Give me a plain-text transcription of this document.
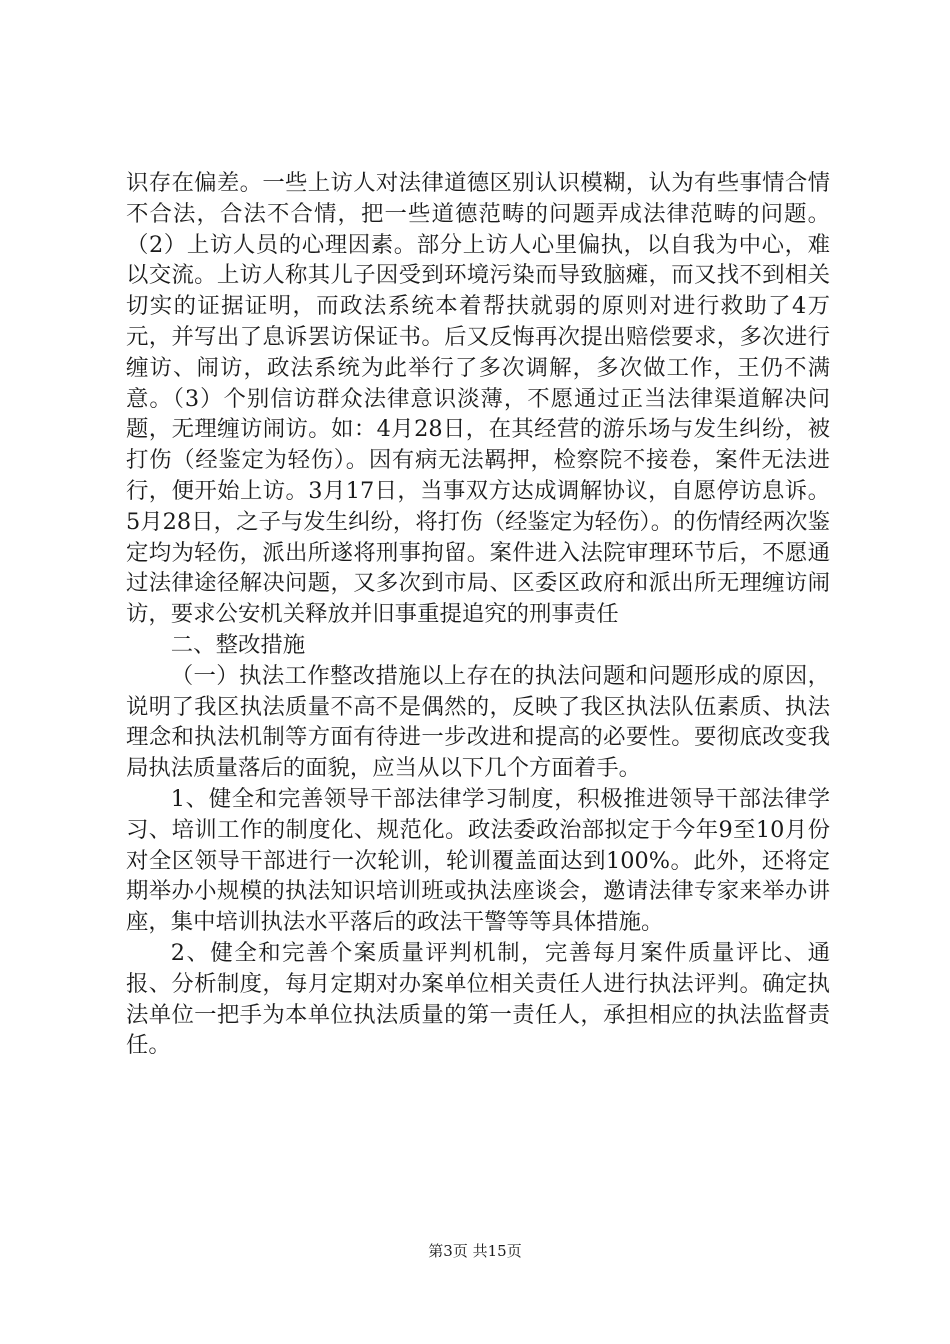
识存在偏差。一些上访人对法律道德区别认识模糊，认为有些事情合情不合法，合法不合情，把一些道德范畴的问题弄成法律范畴的问题。（2）上访人员的心理因素。部分上访人心里偏执，以自我为中心，难以交流。上访人称其儿子因受到环境污染而导致脑瘫，而又找不到相关切实的证据证明，而政法系统本着帮扶就弱的原则对进行救助了4万元，并写出了息诉罢访保证书。后又反悔再次提出赔偿要求，多次进行缠访、闹访，政法系统为此举行了多次调解，多次做工作，王仍不满意。（3）个别信访群众法律意识淡薄，不愿通过正当法律渠道解决问题，无理缠访闹访。如：4月28日，在其经营的游乐场与发生纠纷，被打伤（经鉴定为轻伤）。因有病无法羁押，检察院不接卷，案件无法进行，便开始上访。3月17日，当事双方达成调解协议，自愿停访息诉。5月28日，之子与发生纠纷，将打伤（经鉴定为轻伤）。的伤情经两次鉴定均为轻伤，派出所遂将刑事拘留。案件进入法院审理环节后，不愿通过法律途径解决问题，又多次到市局、区委区政府和派出所无理缠访闹访，要求公安机关释放并旧事重提追究的刑事责任

二、整改措施

（一）执法工作整改措施以上存在的执法问题和问题形成的原因，说明了我区执法质量不高不是偶然的，反映了我区执法队伍素质、执法理念和执法机制等方面有待进一步改进和提高的必要性。要彻底改变我局执法质量落后的面貌，应当从以下几个方面着手。

1、健全和完善领导干部法律学习制度，积极推进领导干部法律学习、培训工作的制度化、规范化。政法委政治部拟定于今年9至10月份对全区领导干部进行一次轮训，轮训覆盖面达到100%。此外，还将定期举办小规模的执法知识培训班或执法座谈会，邀请法律专家来举办讲座，集中培训执法水平落后的政法干警等等具体措施。

2、健全和完善个案质量评判机制，完善每月案件质量评比、通报、分析制度，每月定期对办案单位相关责任人进行执法评判。确定执法单位一把手为本单位执法质量的第一责任人，承担相应的执法监督责任。

第3页 共15页
